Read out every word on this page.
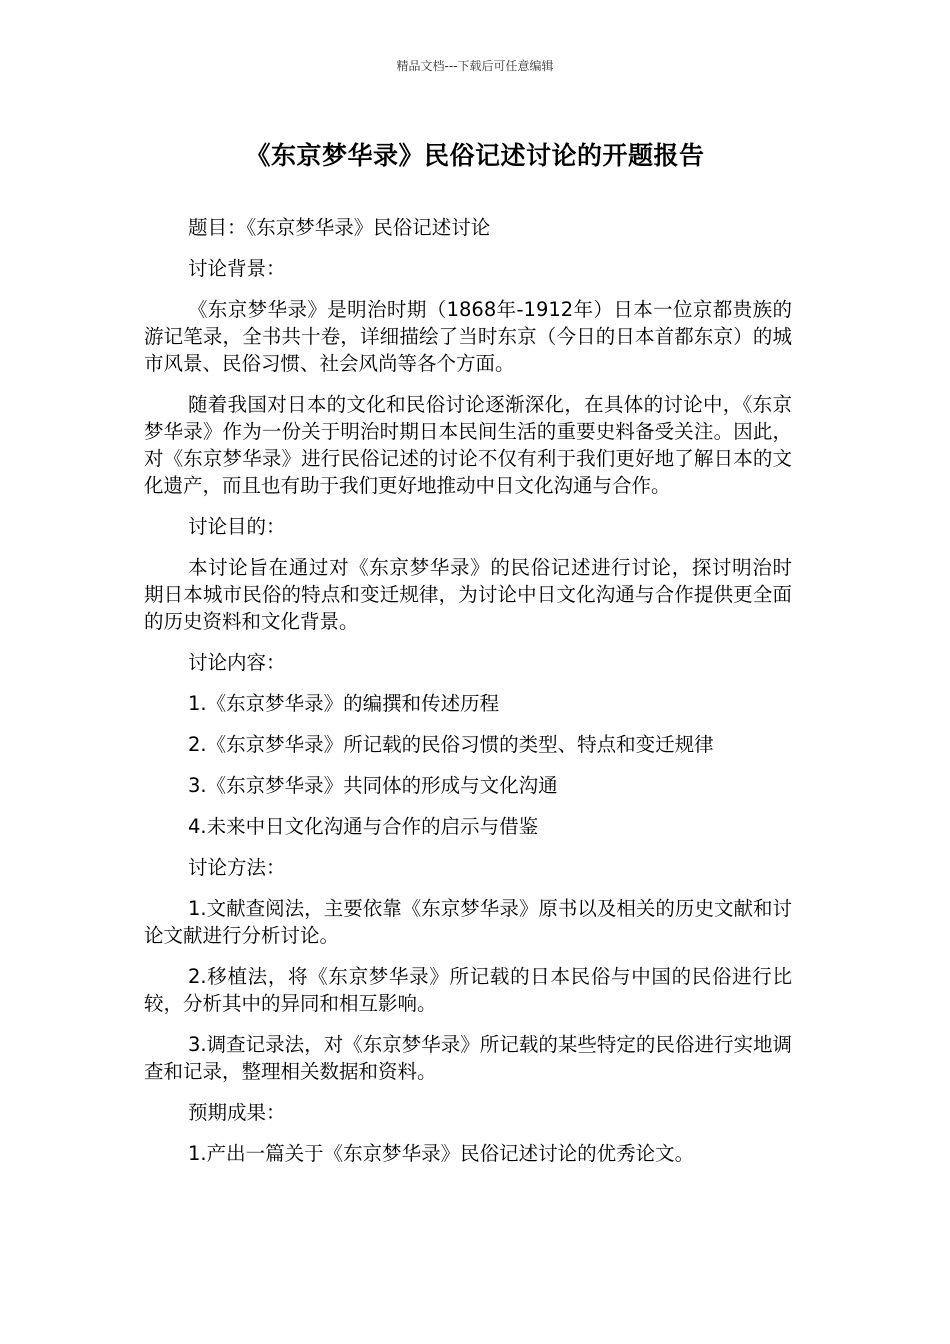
精品文档---下载后可任意编辑
《东京梦华录》民俗记述讨论的开题报告

题目：《东京梦华录》民俗记述讨论

讨论背景：

《东京梦华录》是明治时期（1868年-1912年）日本一位京都贵族的游记笔录，全书共十卷，详细描绘了当时东京（今日的日本首都东京）的城市风景、民俗习惯、社会风尚等各个方面。

随着我国对日本的文化和民俗讨论逐渐深化，在具体的讨论中，《东京梦华录》作为一份关于明治时期日本民间生活的重要史料备受关注。因此，对《东京梦华录》进行民俗记述的讨论不仅有利于我们更好地了解日本的文化遗产，而且也有助于我们更好地推动中日文化沟通与合作。

讨论目的：

本讨论旨在通过对《东京梦华录》的民俗记述进行讨论，探讨明治时期日本城市民俗的特点和变迁规律，为讨论中日文化沟通与合作提供更全面的历史资料和文化背景。

讨论内容：

1.《东京梦华录》的编撰和传述历程

2.《东京梦华录》所记载的民俗习惯的类型、特点和变迁规律

3.《东京梦华录》共同体的形成与文化沟通

4.未来中日文化沟通与合作的启示与借鉴

讨论方法：

1.文献查阅法，主要依靠《东京梦华录》原书以及相关的历史文献和讨论文献进行分析讨论。

2.移植法，将《东京梦华录》所记载的日本民俗与中国的民俗进行比较，分析其中的异同和相互影响。

3.调查记录法，对《东京梦华录》所记载的某些特定的民俗进行实地调查和记录，整理相关数据和资料。

预期成果：

1.产出一篇关于《东京梦华录》民俗记述讨论的优秀论文。
